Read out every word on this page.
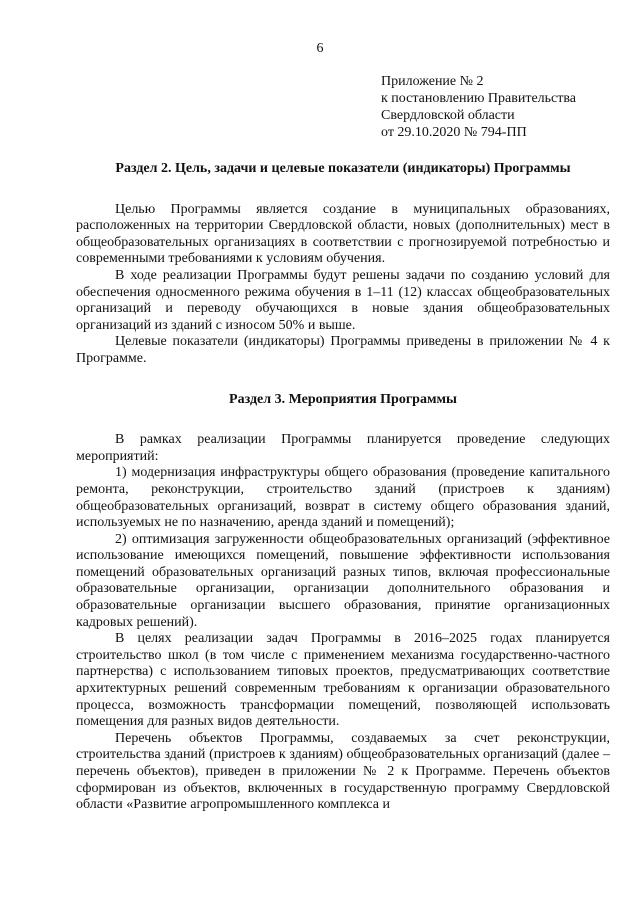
6
Приложение № 2
к постановлению Правительства
Свердловской области
от 29.10.2020 № 794-ПП

Раздел 2. Цель, задачи и целевые показатели (индикаторы) Программы

Целью Программы является создание в муниципальных образованиях, расположенных на территории Свердловской области, новых (дополнительных) мест в общеобразовательных организациях в соответствии с прогнозируемой потребностью и современными требованиями к условиям обучения.

В ходе реализации Программы будут решены задачи по созданию условий для обеспечения односменного режима обучения в 1–11 (12) классах общеобразовательных организаций и переводу обучающихся в новые здания общеобразовательных организаций из зданий с износом 50% и выше.

Целевые показатели (индикаторы) Программы приведены в приложении № 4 к Программе.

Раздел 3. Мероприятия Программы

В рамках реализации Программы планируется проведение следующих мероприятий:

1) модернизация инфраструктуры общего образования (проведение капитального ремонта, реконструкции, строительство зданий (пристроев к зданиям) общеобразовательных организаций, возврат в систему общего образования зданий, используемых не по назначению, аренда зданий и помещений);

2) оптимизация загруженности общеобразовательных организаций (эффективное использование имеющихся помещений, повышение эффективности использования помещений образовательных организаций разных типов, включая профессиональные образовательные организации, организации дополнительного образования и образовательные организации высшего образования, принятие организационных кадровых решений).

В целях реализации задач Программы в 2016–2025 годах планируется строительство школ (в том числе с применением механизма государственно-частного партнерства) с использованием типовых проектов, предусматривающих соответствие архитектурных решений современным требованиям к организации образовательного процесса, возможность трансформации помещений, позволяющей использовать помещения для разных видов деятельности.

Перечень объектов Программы, создаваемых за счет реконструкции, строительства зданий (пристроев к зданиям) общеобразовательных организаций (далее – перечень объектов), приведен в приложении № 2 к Программе. Перечень объектов сформирован из объектов, включенных в государственную программу Свердловской области «Развитие агропромышленного комплекса и
